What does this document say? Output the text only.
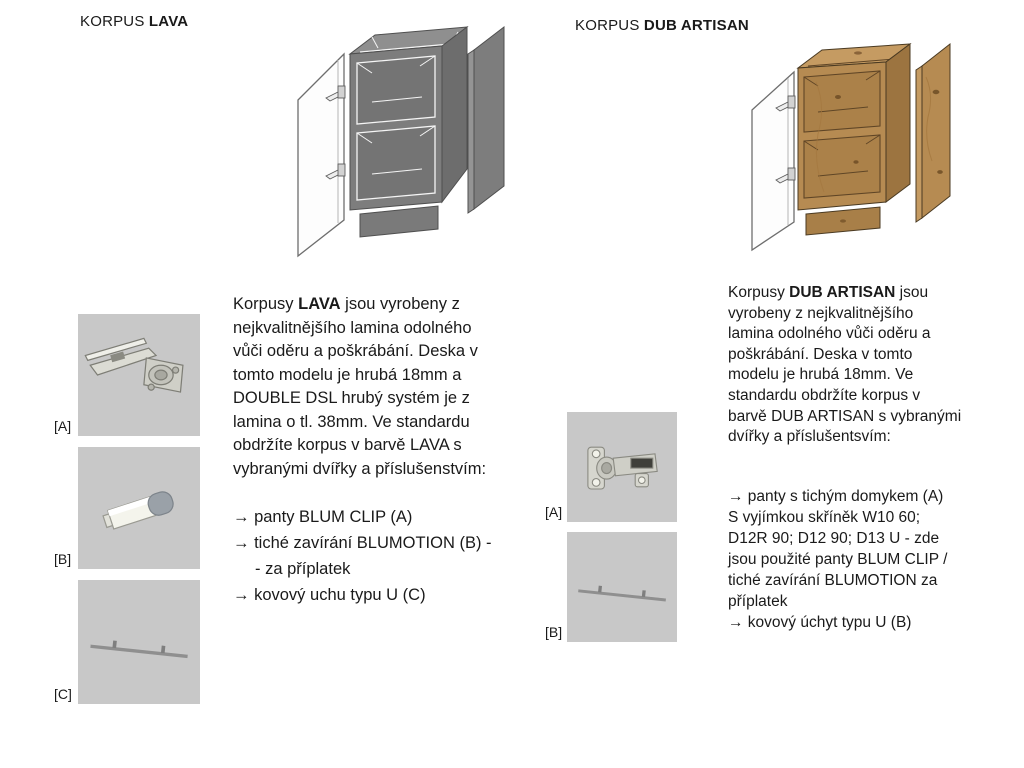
KORPUS LAVA
[A]
[B]
[C]
Korpusy LAVA jsou vyrobeny z
nejkvalitnějšího lamina odolného
vůči oděru a poškrábání. Deska v
tomto modelu je hrubá 18mm a
DOUBLE DSL hrubý systém je z
lamina o tl. 38mm. Ve standardu
obdržíte korpus v barvě LAVA s
vybranými dvířky a příslušenstvím:
→ panty BLUM CLIP (A)
→ tiché zavírání BLUMOTION (B) -
- za příplatek
→ kovový uchu typu U (C)
KORPUS DUB ARTISAN
Korpusy DUB ARTISAN jsou
vyrobeny z nejkvalitnějšího
lamina odolného vůči oděru a
poškrábání. Deska v tomto
modelu je hrubá 18mm. Ve
standardu obdržíte korpus v
barvě DUB ARTISAN s vybranými
dvířky a příslušentsvím:
[A]
[B]
→ panty s tichým domykem (A)
S vyjímkou skříněk W10 60;
D12R 90; D12 90; D13 U - zde
jsou použité panty BLUM CLIP /
tiché zavírání BLUMOTION za
příplatek
→ kovový úchyt typu U (B)
